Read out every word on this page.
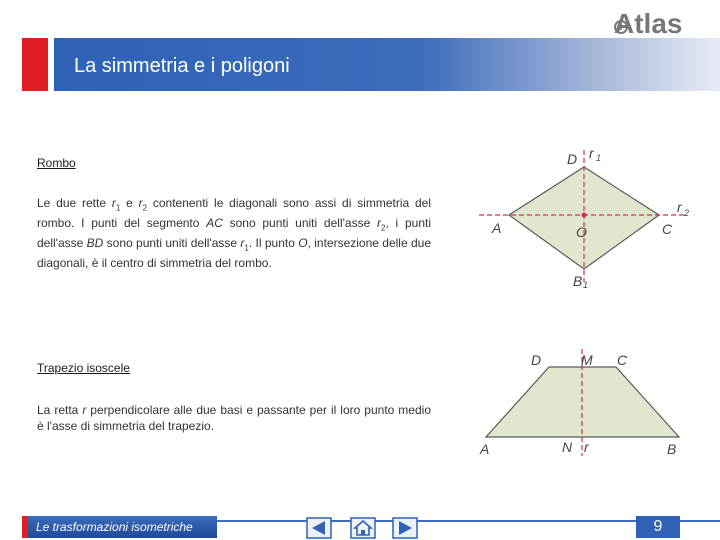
Atlas
La simmetria e i poligoni
Rombo
Le due rette $r_1$ e $r_2$ contenenti le diagonali sono assi di simmetria del rombo. I punti del segmento AC sono punti uniti dell'asse $r_2$, i punti dell'asse BD sono punti uniti dell'asse $r_1$. Il punto O, intersezione delle due diagonali, è il centro di simmetria del rombo.
D r 1
r 2
A	O	C
B 1
Trapezio isoscele
La retta r perpendicolare alle due basi e passante per il loro punto medio è l'asse di simmetria del trapezio.
D	M C
A	N r	B
Le trasformazioni isometriche	9
